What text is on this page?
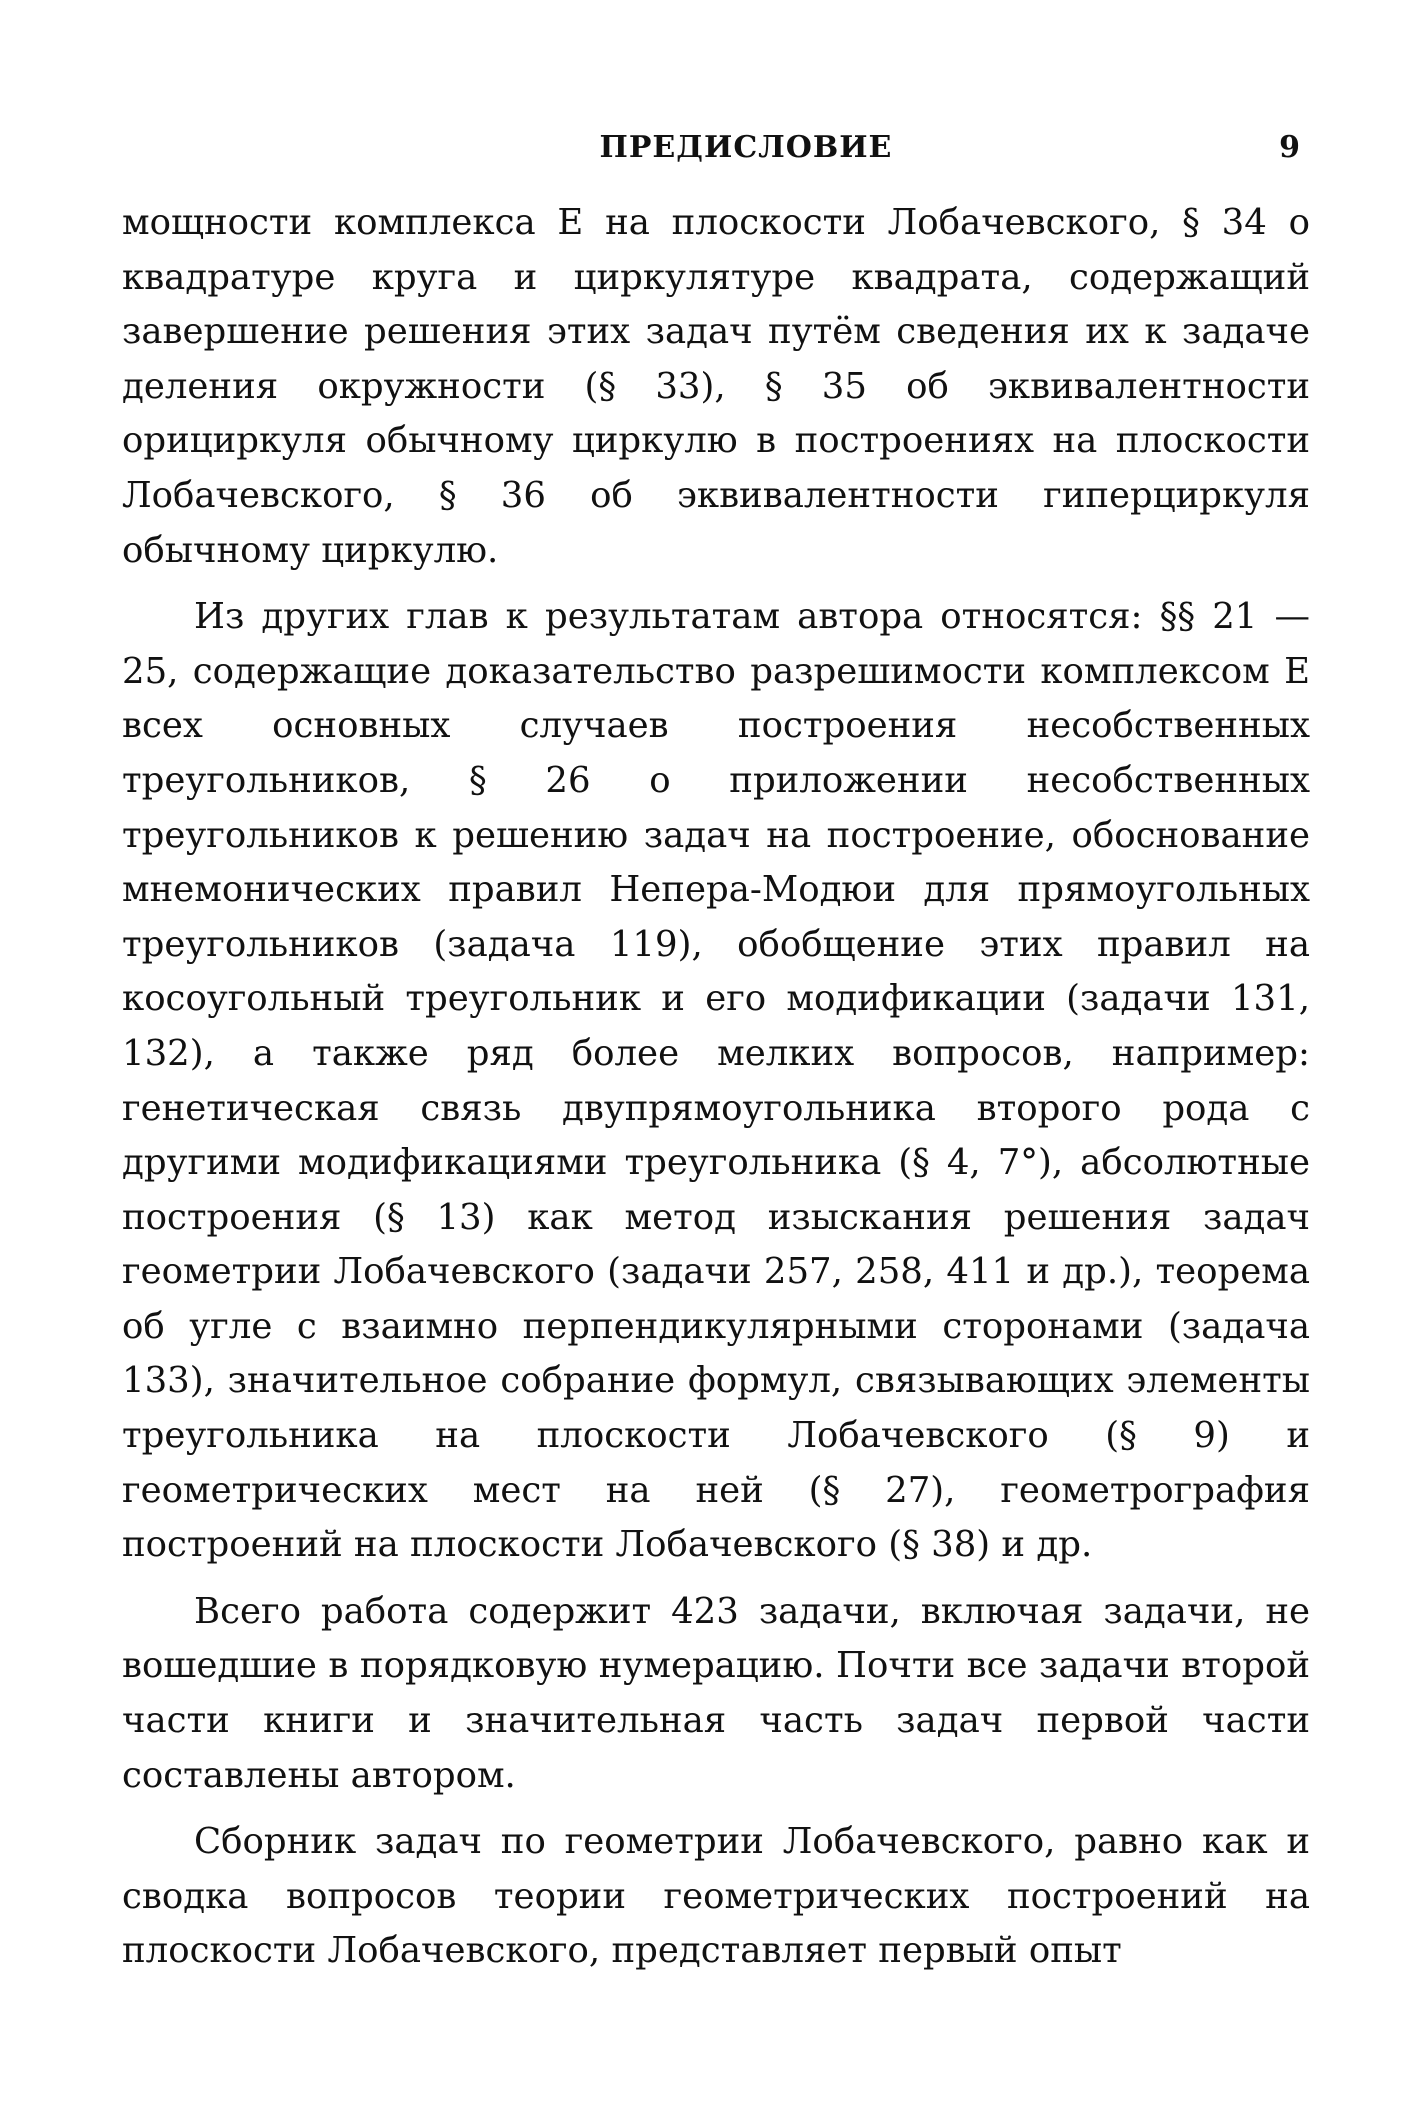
ПРЕДИСЛОВИЕ	9

мощности комплекса E на плоскости Лобачевского, § 34 о квадратуре круга и циркулятуре квадрата, содержащий завершение решения этих задач путём сведения их к задаче деления окружности (§ 33), § 35 об эквивалентности орициркуля обычному циркулю в построениях на плоскости Лобачевского, § 36 об эквивалентности гиперциркуля обычному циркулю.

Из других глав к результатам автора относятся: §§ 21 — 25, содержащие доказательство разрешимости комплексом E всех основных случаев построения несобственных треугольников, § 26 о приложении несобственных треугольников к решению задач на построение, обоснование мнемонических правил Непера-Модюи для прямоугольных треугольников (задача 119), обобщение этих правил на косоугольный треугольник и его модификации (задачи 131, 132), а также ряд более мелких вопросов, например: генетическая связь двупрямоугольника второго рода с другими модификациями треугольника (§ 4, 7°), абсолютные построения (§ 13) как метод изыскания решения задач геометрии Лобачевского (задачи 257, 258, 411 и др.), теорема об угле с взаимно перпендикулярными сторонами (задача 133), значительное собрание формул, связывающих элементы треугольника на плоскости Лобачевского (§ 9) и геометрических мест на ней (§ 27), геометрография построений на плоскости Лобачевского (§ 38) и др.

Всего работа содержит 423 задачи, включая задачи, не вошедшие в порядковую нумерацию. Почти все задачи второй части книги и значительная часть задач первой части составлены автором.

Сборник задач по геометрии Лобачевского, равно как и сводка вопросов теории геометрических построений на плоскости Лобачевского, представляет первый опыт
